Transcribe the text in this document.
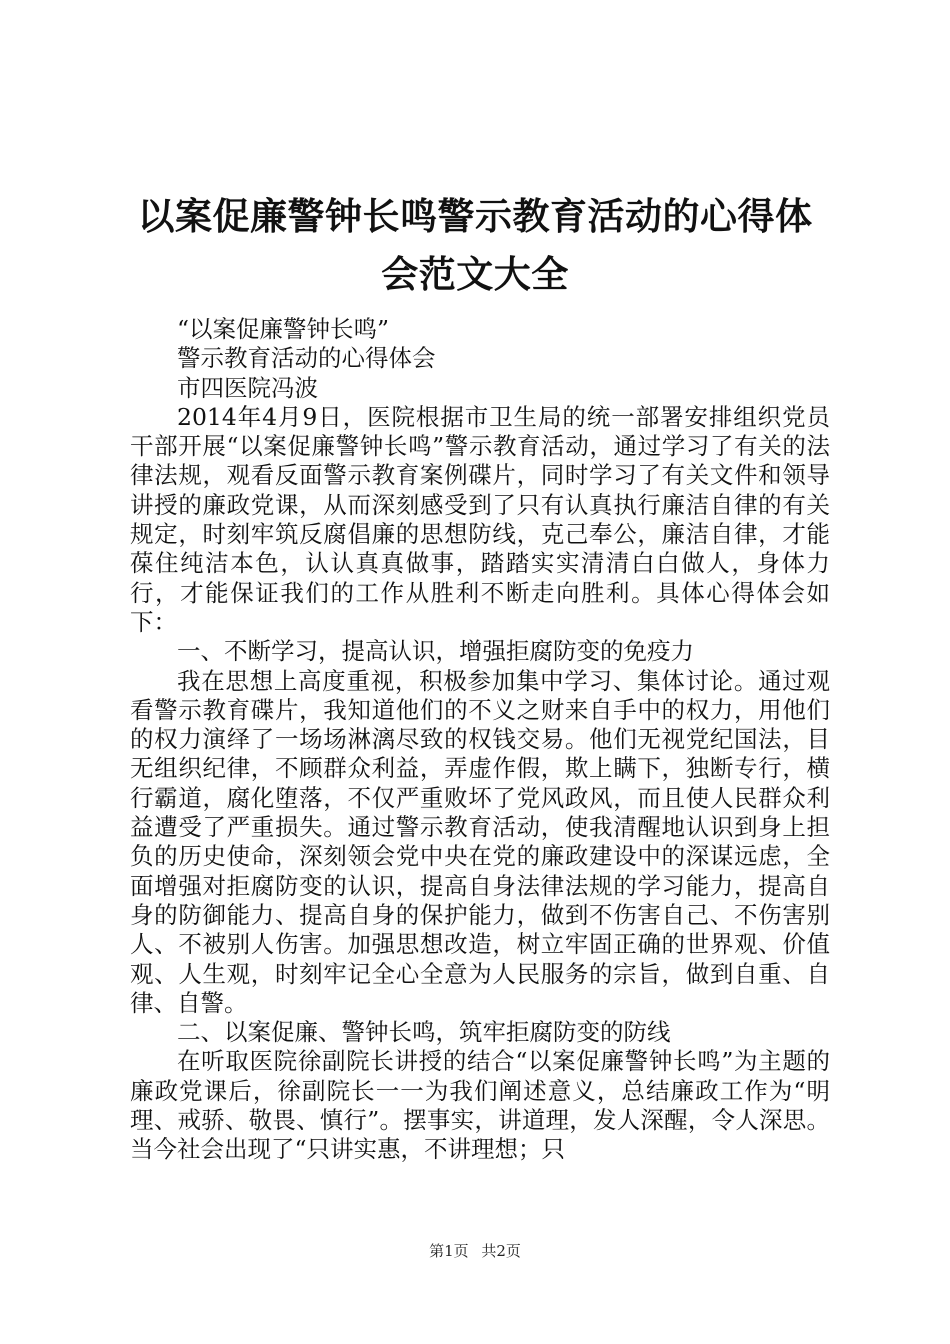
以案促廉警钟长鸣警示教育活动的心得体会范文大全

“以案促廉警钟长鸣”

警示教育活动的心得体会

市四医院冯波

2014年4月9日，医院根据市卫生局的统一部署安排组织党员干部开展“以案促廉警钟长鸣”警示教育活动，通过学习了有关的法律法规，观看反面警示教育案例碟片，同时学习了有关文件和领导讲授的廉政党课，从而深刻感受到了只有认真执行廉洁自律的有关规定，时刻牢筑反腐倡廉的思想防线，克己奉公，廉洁自律，才能葆住纯洁本色，认认真真做事，踏踏实实清清白白做人，身体力行，才能保证我们的工作从胜利不断走向胜利。具体心得体会如下：

一、不断学习，提高认识，增强拒腐防变的免疫力

我在思想上高度重视，积极参加集中学习、集体讨论。通过观看警示教育碟片，我知道他们的不义之财来自手中的权力，用他们的权力演绎了一场场淋漓尽致的权钱交易。他们无视党纪国法，目无组织纪律，不顾群众利益，弄虚作假，欺上瞒下，独断专行，横行霸道，腐化堕落，不仅严重败坏了党风政风，而且使人民群众利益遭受了严重损失。通过警示教育活动，使我清醒地认识到身上担负的历史使命，深刻领会党中央在党的廉政建设中的深谋远虑，全面增强对拒腐防变的认识，提高自身法律法规的学习能力，提高自身的防御能力、提高自身的保护能力，做到不伤害自己、不伤害别人、不被别人伤害。加强思想改造，树立牢固正确的世界观、价值观、人生观，时刻牢记全心全意为人民服务的宗旨，做到自重、自律、自警。

二、以案促廉、警钟长鸣，筑牢拒腐防变的防线

在听取医院徐副院长讲授的结合“以案促廉警钟长鸣”为主题的廉政党课后，徐副院长一一为我们阐述意义，总结廉政工作为“明理、戒骄、敬畏、慎行”。摆事实，讲道理，发人深醒，令人深思。当今社会出现了“只讲实惠，不讲理想；只

第1页 共2页
